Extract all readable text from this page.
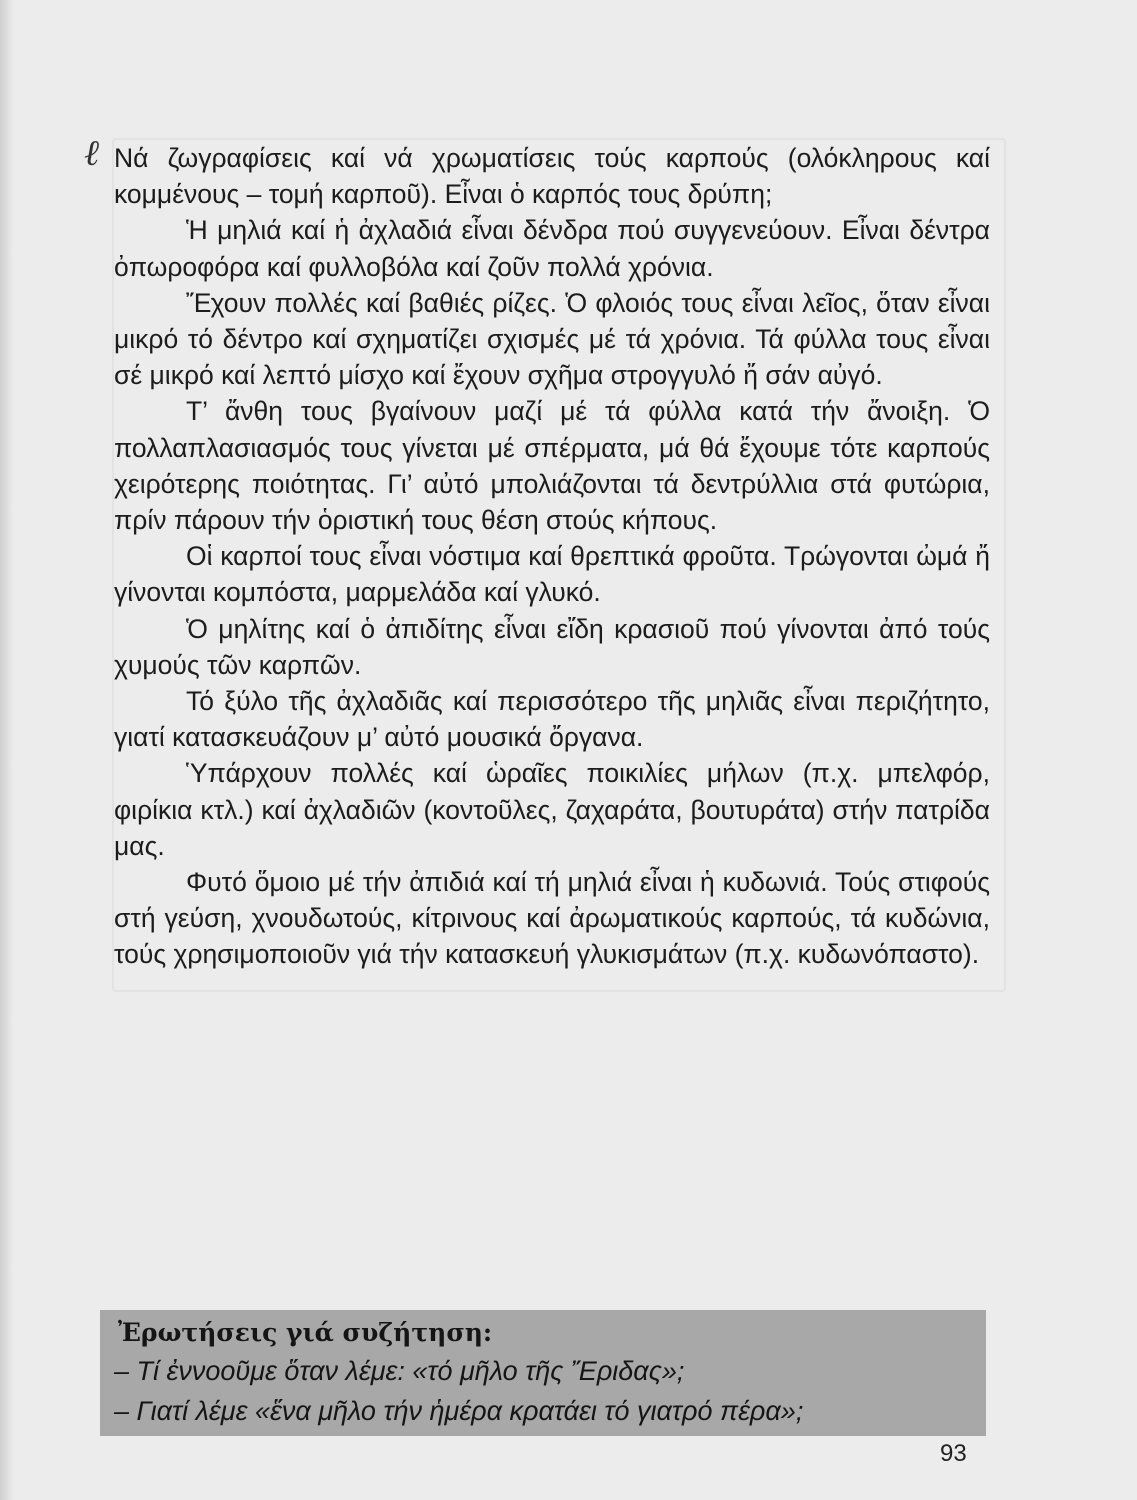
ℓ Νά ζωγραφίσεις καί νά χρωματίσεις τούς καρπούς (ολόκληρους καί κομμένους – τομή καρποῦ). Εἶναι ὁ καρπός τους δρύπη;

Ἡ μηλιά καί ἡ ἀχλαδιά εἶναι δένδρα πού συγγενεύουν. Εἶναι δέντρα ὀπωροφόρα καί φυλλοβόλα καί ζοῦν πολλά χρόνια.

Ἔχουν πολλές καί βαθιές ρίζες. Ὁ φλοιός τους εἶναι λεῖος, ὅταν εἶναι μικρό τό δέντρο καί σχηματίζει σχισμές μέ τά χρόνια. Τά φύλλα τους εἶναι σέ μικρό καί λεπτό μίσχο καί ἔχουν σχῆμα στρογγυλό ἤ σάν αὐγό.

Τ’ ἄνθη τους βγαίνουν μαζί μέ τά φύλλα κατά τήν ἄνοιξη. Ὁ πολλαπλασιασμός τους γίνεται μέ σπέρματα, μά θά ἔχουμε τότε καρπούς χειρότερης ποιότητας. Γι’ αὐτό μπολιάζονται τά δεντρύλλια στά φυτώρια, πρίν πάρουν τήν ὁριστική τους θέση στούς κήπους.

Οἱ καρποί τους εἶναι νόστιμα καί θρεπτικά φροῦτα. Τρώγονται ὠμά ἤ γίνονται κομπόστα, μαρμελάδα καί γλυκό.

Ὁ μηλίτης καί ὁ ἀπιδίτης εἶναι εἴδη κρασιοῦ πού γίνονται ἀπό τούς χυμούς τῶν καρπῶν.

Τό ξύλο τῆς ἀχλαδιᾶς καί περισσότερο τῆς μηλιᾶς εἶναι περιζήτητο, γιατί κατασκευάζουν μ’ αὐτό μουσικά ὄργανα.

Ὑπάρχουν πολλές καί ὡραῖες ποικιλίες μήλων (π.χ. μπελφόρ, φιρίκια κτλ.) καί ἀχλαδιῶν (κοντοῦλες, ζαχαράτα, βουτυράτα) στήν πατρίδα μας.

Φυτό ὅμοιο μέ τήν ἀπιδιά καί τή μηλιά εἶναι ἡ κυδωνιά. Τούς στιφούς στή γεύση, χνουδωτούς, κίτρινους καί ἀρωματικούς καρπούς, τά κυδώνια, τούς χρησιμοποιοῦν γιά τήν κατασκευή γλυκισμάτων (π.χ. κυδωνόπαστο).

Ἐρωτήσεις γιά συζήτηση:
– Τί ἐννοοῦμε ὅταν λέμε: «τό μῆλο τῆς Ἔριδας»;
– Γιατί λέμε «ἕνα μῆλο τήν ἡμέρα κρατάει τό γιατρό πέρα»;
93
